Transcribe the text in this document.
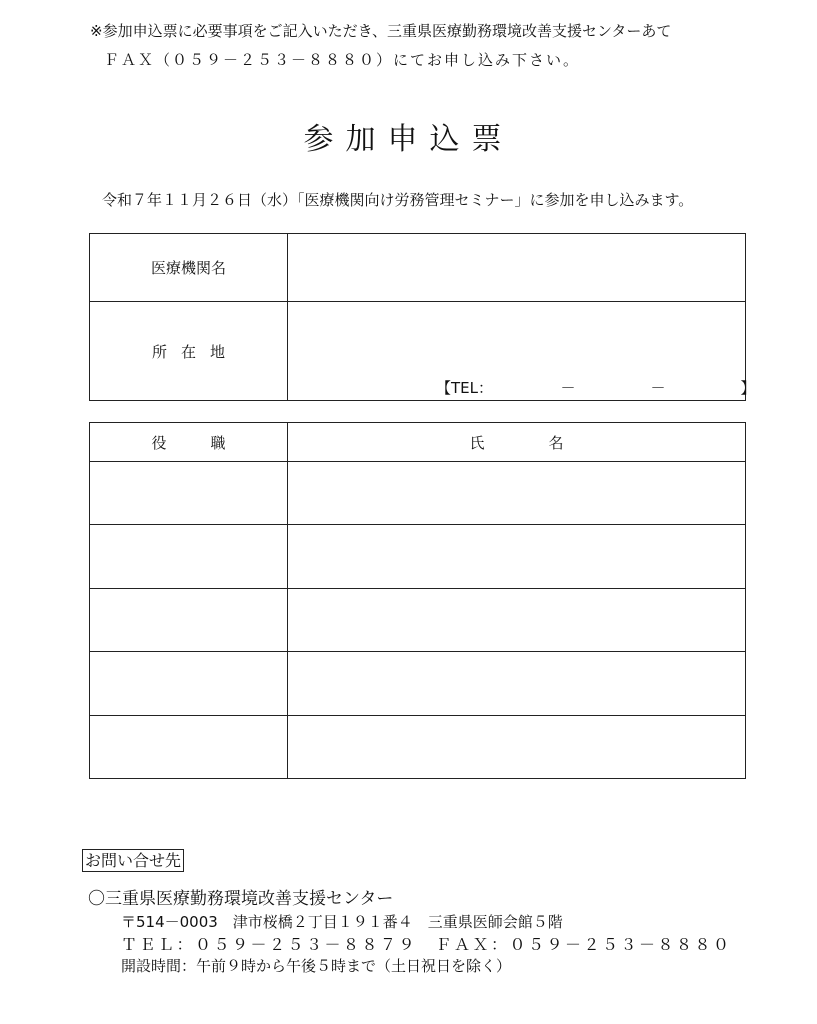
※参加申込票に必要事項をご記入いただき、三重県医療勤務環境改善支援センターあて
ＦＡＸ（０５９－２５３－８８８０）にてお申し込み下さい。
参加申込票
令和７年１１月２６日（水）「医療機関向け労務管理セミナー」に参加を申し込みます。
医療機関名	
所在地	【TEL：　　　　　－　　　　　－　　　　　】
役職	氏名

お問い合せ先
〇三重県医療勤務環境改善支援センター
〒514－0003　津市桜橋２丁目１９１番４　三重県医師会館５階
ＴＥＬ：０５９－２５３－８８７９　ＦＡＸ：０５９－２５３－８８８０
開設時間：午前９時から午後５時まで（土日祝日を除く）
